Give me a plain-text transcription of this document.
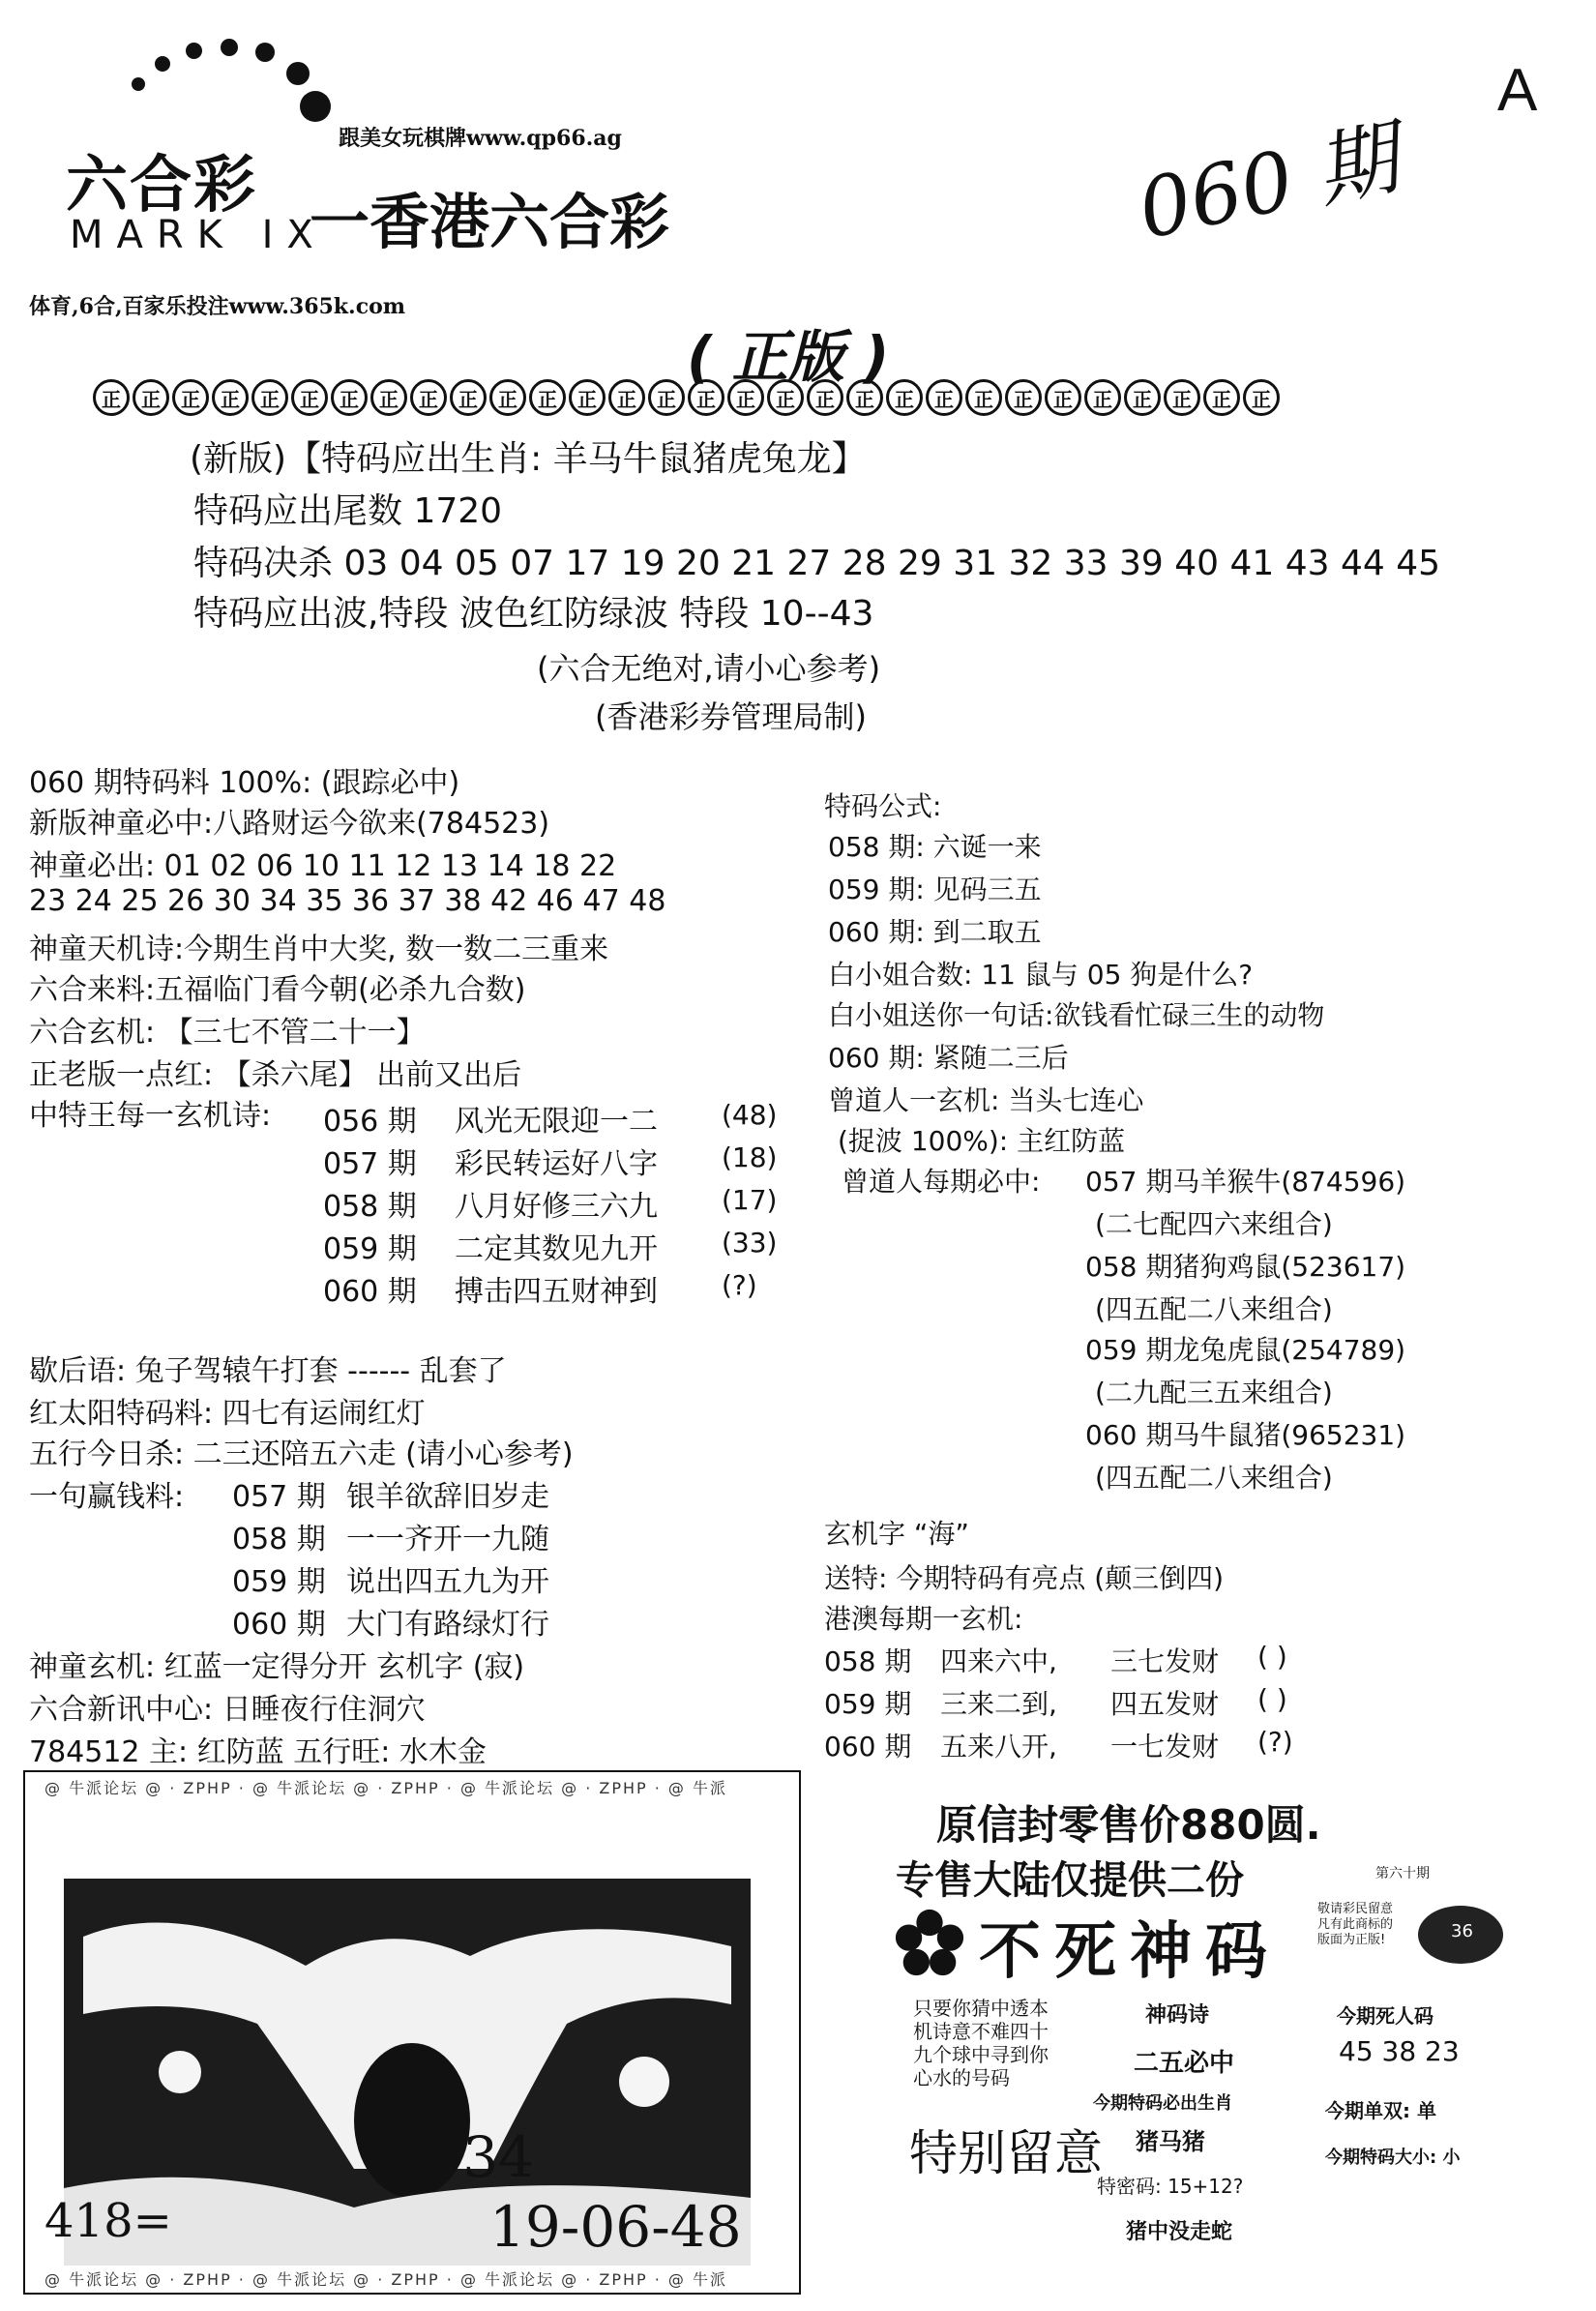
六合彩
MARK IX
一香港六合彩
跟美女玩棋牌www.qp66.ag
体育,6合,百家乐投注www.365k.com
060 期
A
( 正版 )
正	正	正	正	正	正	正	正	正	正	正	正	正	正	正	正	正	正	正	正	正	正	正	正	正	正	正	正	正	正
(新版)【特码应出生肖: 羊马牛鼠猪虎兔龙】
特码应出尾数 1720
特码决杀 03 04 05 07 17 19 20 21 27 28 29 31 32 33 39 40 41 43 44 45
特码应出波,特段 波色红防绿波 特段 10--43
(六合无绝对,请小心参考)
(香港彩券管理局制)
060 期特码料 100%: (跟踪必中)
新版神童必中:八路财运今欲来(784523)
神童必出: 01 02 06 10 11 12 13 14 18 22
23 24 25 26 30 34 35 36 37 38 42 46 47 48
神童天机诗:今期生肖中大奖, 数一数二三重来
六合来料:五福临门看今朝(必杀九合数)
六合玄机: 【三七不管二十一】
正老版一点红: 【杀六尾】 出前又出后
中特王每一玄机诗: 056 期 风光无限迎一二 (48)
057 期 彩民转运好八字 (18)
058 期 八月好修三六九 (17)
059 期 二定其数见九开 (33)
060 期 搏击四五财神到 (?)
歇后语: 兔子驾辕午打套 ------ 乱套了
红太阳特码料: 四七有运闹红灯
五行今日杀: 二三还陪五六走 (请小心参考)
一句赢钱料: 057 期 银羊欲辞旧岁走
058 期 一一齐开一九随
059 期 说出四五九为开
060 期 大门有路绿灯行
神童玄机: 红蓝一定得分开 玄机字 (寂)
六合新讯中心: 日睡夜行住洞穴
784512 主: 红防蓝 五行旺: 水木金
特码公式:
058 期: 六诞一来
059 期: 见码三五
060 期: 到二取五
白小姐合数: 11 鼠与 05 狗是什么?
白小姐送你一句话:欲钱看忙碌三生的动物
060 期: 紧随二三后
曾道人一玄机: 当头七连心
(捉波 100%): 主红防蓝
曾道人每期必中: 057 期马羊猴牛(874596)
(二七配四六来组合)
058 期猪狗鸡鼠(523617)
(四五配二八来组合)
059 期龙兔虎鼠(254789)
(二九配三五来组合)
060 期马牛鼠猪(965231)
(四五配二八来组合)
玄机字 “海”
送特: 今期特码有亮点 (颠三倒四)
港澳每期一玄机:
058 期 四来六中, 三七发财 ( )
059 期 三来二到, 四五发财 ( )
060 期 五来八开, 一七发财 (?)
@ 牛派论坛 @ · ZPHP · @ 牛派论坛 @ · ZPHP · @ 牛派论坛 @ · ZPHP · @ 牛派
@ 牛派论坛 @ · ZPHP · @ 牛派论坛 @ · ZPHP · @ 牛派论坛 @ · ZPHP · @ 牛派
13 34
19-06-48
418=
原信封零售价880圆.
专售大陆仅提供二份	第六十期
不死神码
敬请彩民留意 凡有此商标的 版面为正版!	36
只要你猜中透本
机诗意不难四十
九个球中寻到你
心水的号码
特别留意
神码诗
二五必中
今期特码必出生肖
猪马猪
特密码: 15+12?
猪中没走蛇
今期死人码
45 38 23
今期单双: 单
今期特码大小: 小
